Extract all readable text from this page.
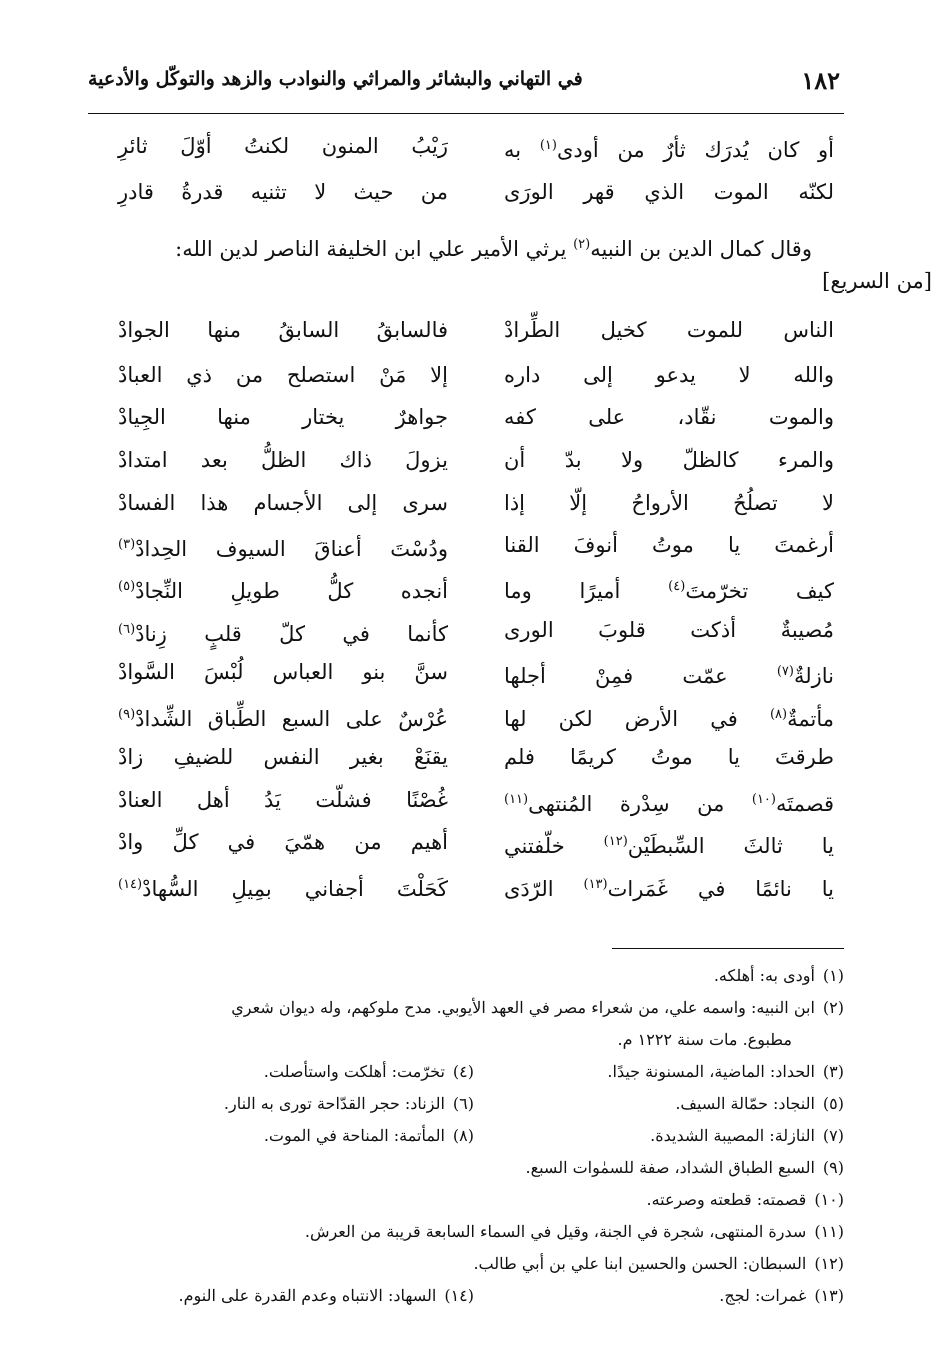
١٨٢
في التهاني والبشائر والمراثي والنوادب والزهد والتوكّل والأدعية
أو كان يُدرَك ثأرٌ من أودى$^{(١)}$ به
رَيْبُ المنون لكنتُ أوّلَ ثائرِ
لكنّه الموت الذي قهر الورَى
من حيث لا تثنيه قدرةُ قادرِ

وقال كمال الدين بن النبيه$^{(٢)}$ يرثي الأمير علي ابن الخليفة الناصر لدين الله:

[من السريع]
الناس للموت كخيل الطِّرادْ
فالسابقُ السابقُ منها الجوادْ
والله لا يدعو إلى داره
إلا مَنْ استصلح من ذي العبادْ
والموت نقّاد، على كفه
جواهرٌ يختار منها الجِيادْ
والمرء كالظلّ ولا بدّ أن
يزولَ ذاك الظلُّ بعد امتدادْ
لا تصلُحُ الأرواحُ إلّا إذا
سرى إلى الأجسام هذا الفسادْ
أرغمتَ يا موتُ أنوفَ القنا
ودُسْتَ أعناقَ السيوف الحِدادْ$^{(٣)}$
كيف تخرّمتَ$^{(٤)}$ أميرًا وما
أنجده كلُّ طويلِ النِّجادْ$^{(٥)}$
مُصيبةٌ أذكت قلوبَ الورى
كأنما في كلّ قلبٍ زِنادْ$^{(٦)}$
نازلةٌ$^{(٧)}$ عمّت فمِنْ أجلها
سنَّ بنو العباس لُبْسَ السَّوادْ
مأتمةٌ$^{(٨)}$ في الأرض لكن لها
عُرْسٌ على السبع الطِّباق الشِّدادْ$^{(٩)}$
طرقتَ يا موتُ كريمًا فلم
يقنَعْ بغير النفس للضيفِ زادْ
قصمتَه$^{(١٠)}$ من سِدْرة المُنتهى$^{(١١)}$
غُصْنًا فشلّت يَدُ أهل العنادْ
يا ثالثَ السِّبطَيْن$^{(١٢)}$ خلّفتني
أهيم من همّيَ في كلِّ وادْ
يا نائمًا في غَمَرات$^{(١٣)}$ الرّدَى
كَحَلْتَ أجفاني بمِيلِ السُّهادْ$^{(١٤)}$
(١)أودى به: أهلكه.
(٢)ابن النبيه: واسمه علي، من شعراء مصر في العهد الأيوبي. مدح ملوكهم، وله ديوان شعري
مطبوع. مات سنة ١٢٢٢ م.
(٣)الحداد: الماضية، المسنونة جيدًا.
(٤)تخرّمت: أهلكت واستأصلت.
(٥)النجاد: حمّالة السيف.
(٦)الزناد: حجر القدّاحة تورى به النار.
(٧)النازلة: المصيبة الشديدة.
(٨)المأتمة: المناحة في الموت.
(٩)السبع الطباق الشداد، صفة للسمٰوات السبع.
(١٠)قصمته: قطعته وصرعته.
(١١)سدرة المنتهى، شجرة في الجنة، وقيل في السماء السابعة قريبة من العرش.
(١٢)السبطان: الحسن والحسين ابنا علي بن أبي طالب.
(١٣)غمرات: لجج.
(١٤)السهاد: الانتباه وعدم القدرة على النوم.
